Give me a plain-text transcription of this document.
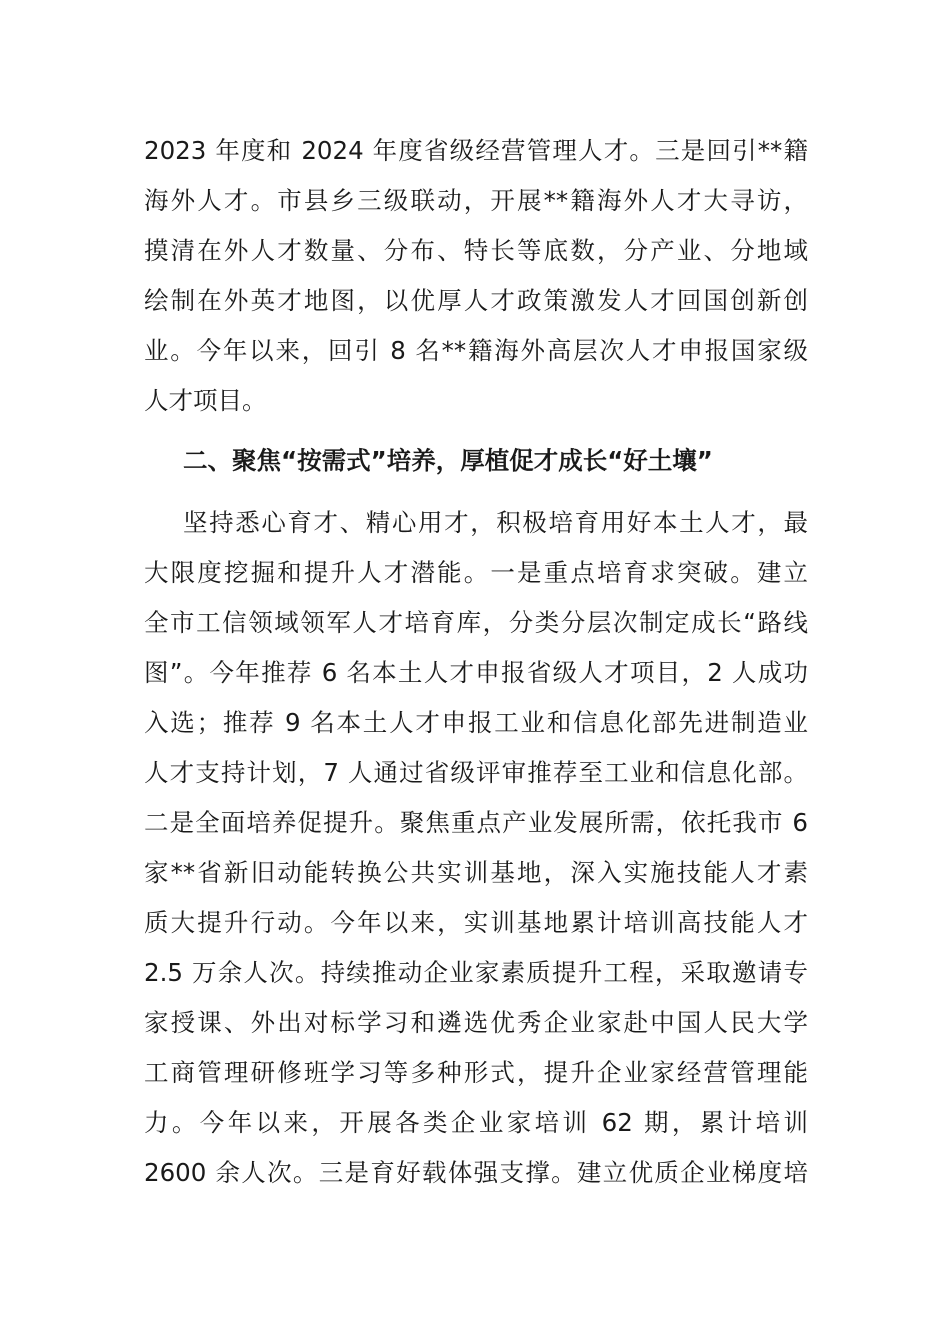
2023 年度和 2024 年度省级经营管理人才。三是回引**籍
海外人才。市县乡三级联动，开展**籍海外人才大寻访，
摸清在外人才数量、分布、特长等底数，分产业、分地域
绘制在外英才地图，以优厚人才政策激发人才回国创新创
业。今年以来，回引 8 名**籍海外高层次人才申报国家级
人才项目。
二、聚焦“按需式”培养，厚植促才成长“好土壤”
坚持悉心育才、精心用才，积极培育用好本土人才，最
大限度挖掘和提升人才潜能。一是重点培育求突破。建立
全市工信领域领军人才培育库，分类分层次制定成长“路线
图”。今年推荐 6 名本土人才申报省级人才项目，2 人成功
入选；推荐 9 名本土人才申报工业和信息化部先进制造业
人才支持计划，7 人通过省级评审推荐至工业和信息化部。
二是全面培养促提升。聚焦重点产业发展所需，依托我市 6
家**省新旧动能转换公共实训基地，深入实施技能人才素
质大提升行动。今年以来，实训基地累计培训高技能人才
2.5 万余人次。持续推动企业家素质提升工程，采取邀请专
家授课、外出对标学习和遴选优秀企业家赴中国人民大学
工商管理研修班学习等多种形式，提升企业家经营管理能
力。今年以来，开展各类企业家培训 62 期，累计培训
2600 余人次。三是育好载体强支撑。建立优质企业梯度培
